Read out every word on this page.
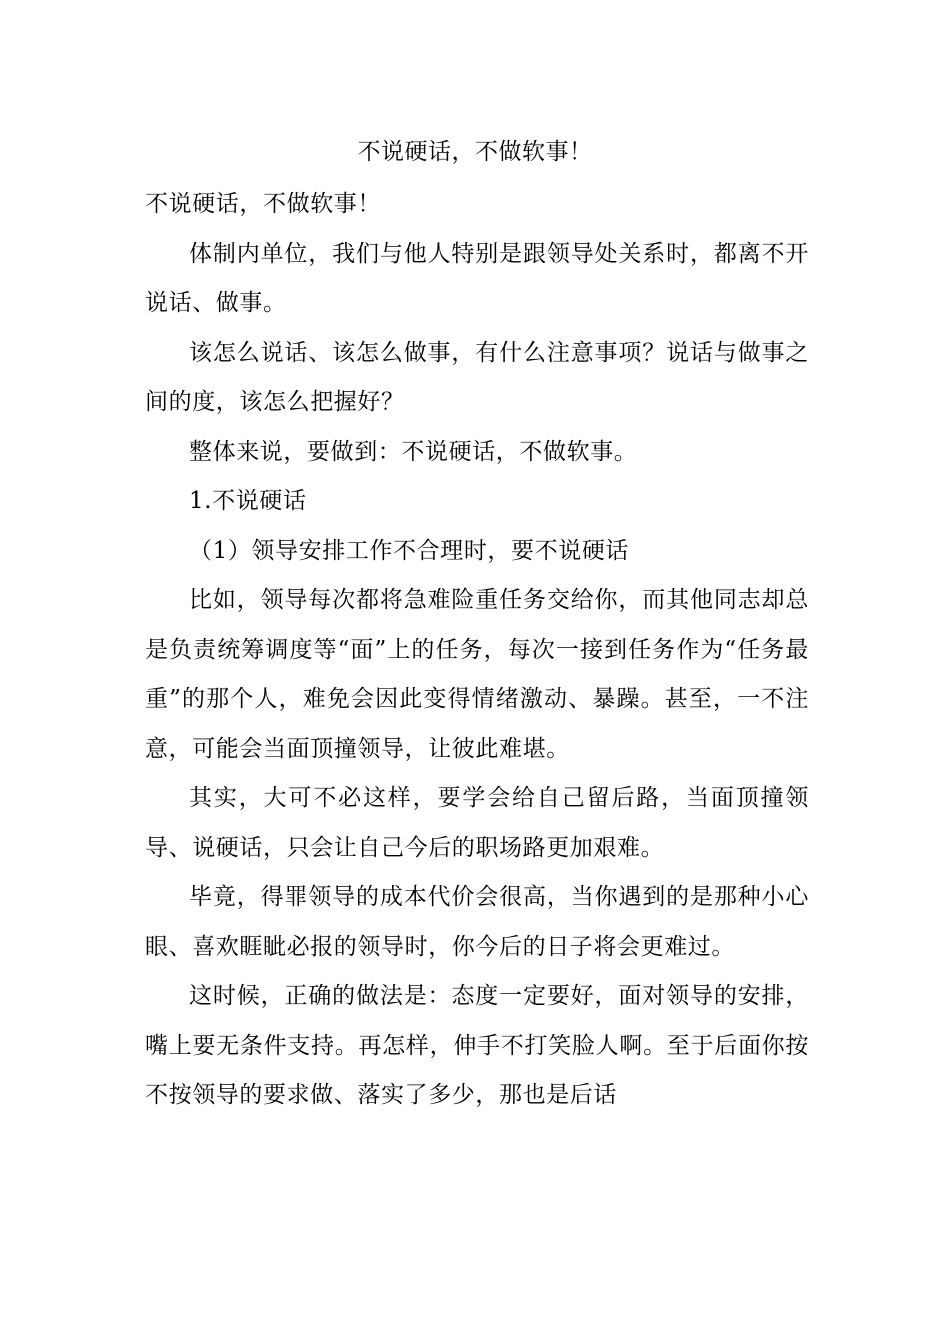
不说硬话，不做软事！

不说硬话，不做软事！

体制内单位，我们与他人特别是跟领导处关系时，都离不开说话、做事。

该怎么说话、该怎么做事，有什么注意事项？说话与做事之间的度，该怎么把握好？

整体来说，要做到：不说硬话，不做软事。

1.不说硬话

（1）领导安排工作不合理时，要不说硬话

比如，领导每次都将急难险重任务交给你，而其他同志却总是负责统筹调度等“面”上的任务，每次一接到任务作为“任务最重”的那个人，难免会因此变得情绪激动、暴躁。甚至，一不注意，可能会当面顶撞领导，让彼此难堪。

其实，大可不必这样，要学会给自己留后路，当面顶撞领导、说硬话，只会让自己今后的职场路更加艰难。

毕竟，得罪领导的成本代价会很高，当你遇到的是那种小心眼、喜欢睚眦必报的领导时，你今后的日子将会更难过。

这时候，正确的做法是：态度一定要好，面对领导的安排，嘴上要无条件支持。再怎样，伸手不打笑脸人啊。至于后面你按不按领导的要求做、落实了多少，那也是后话
